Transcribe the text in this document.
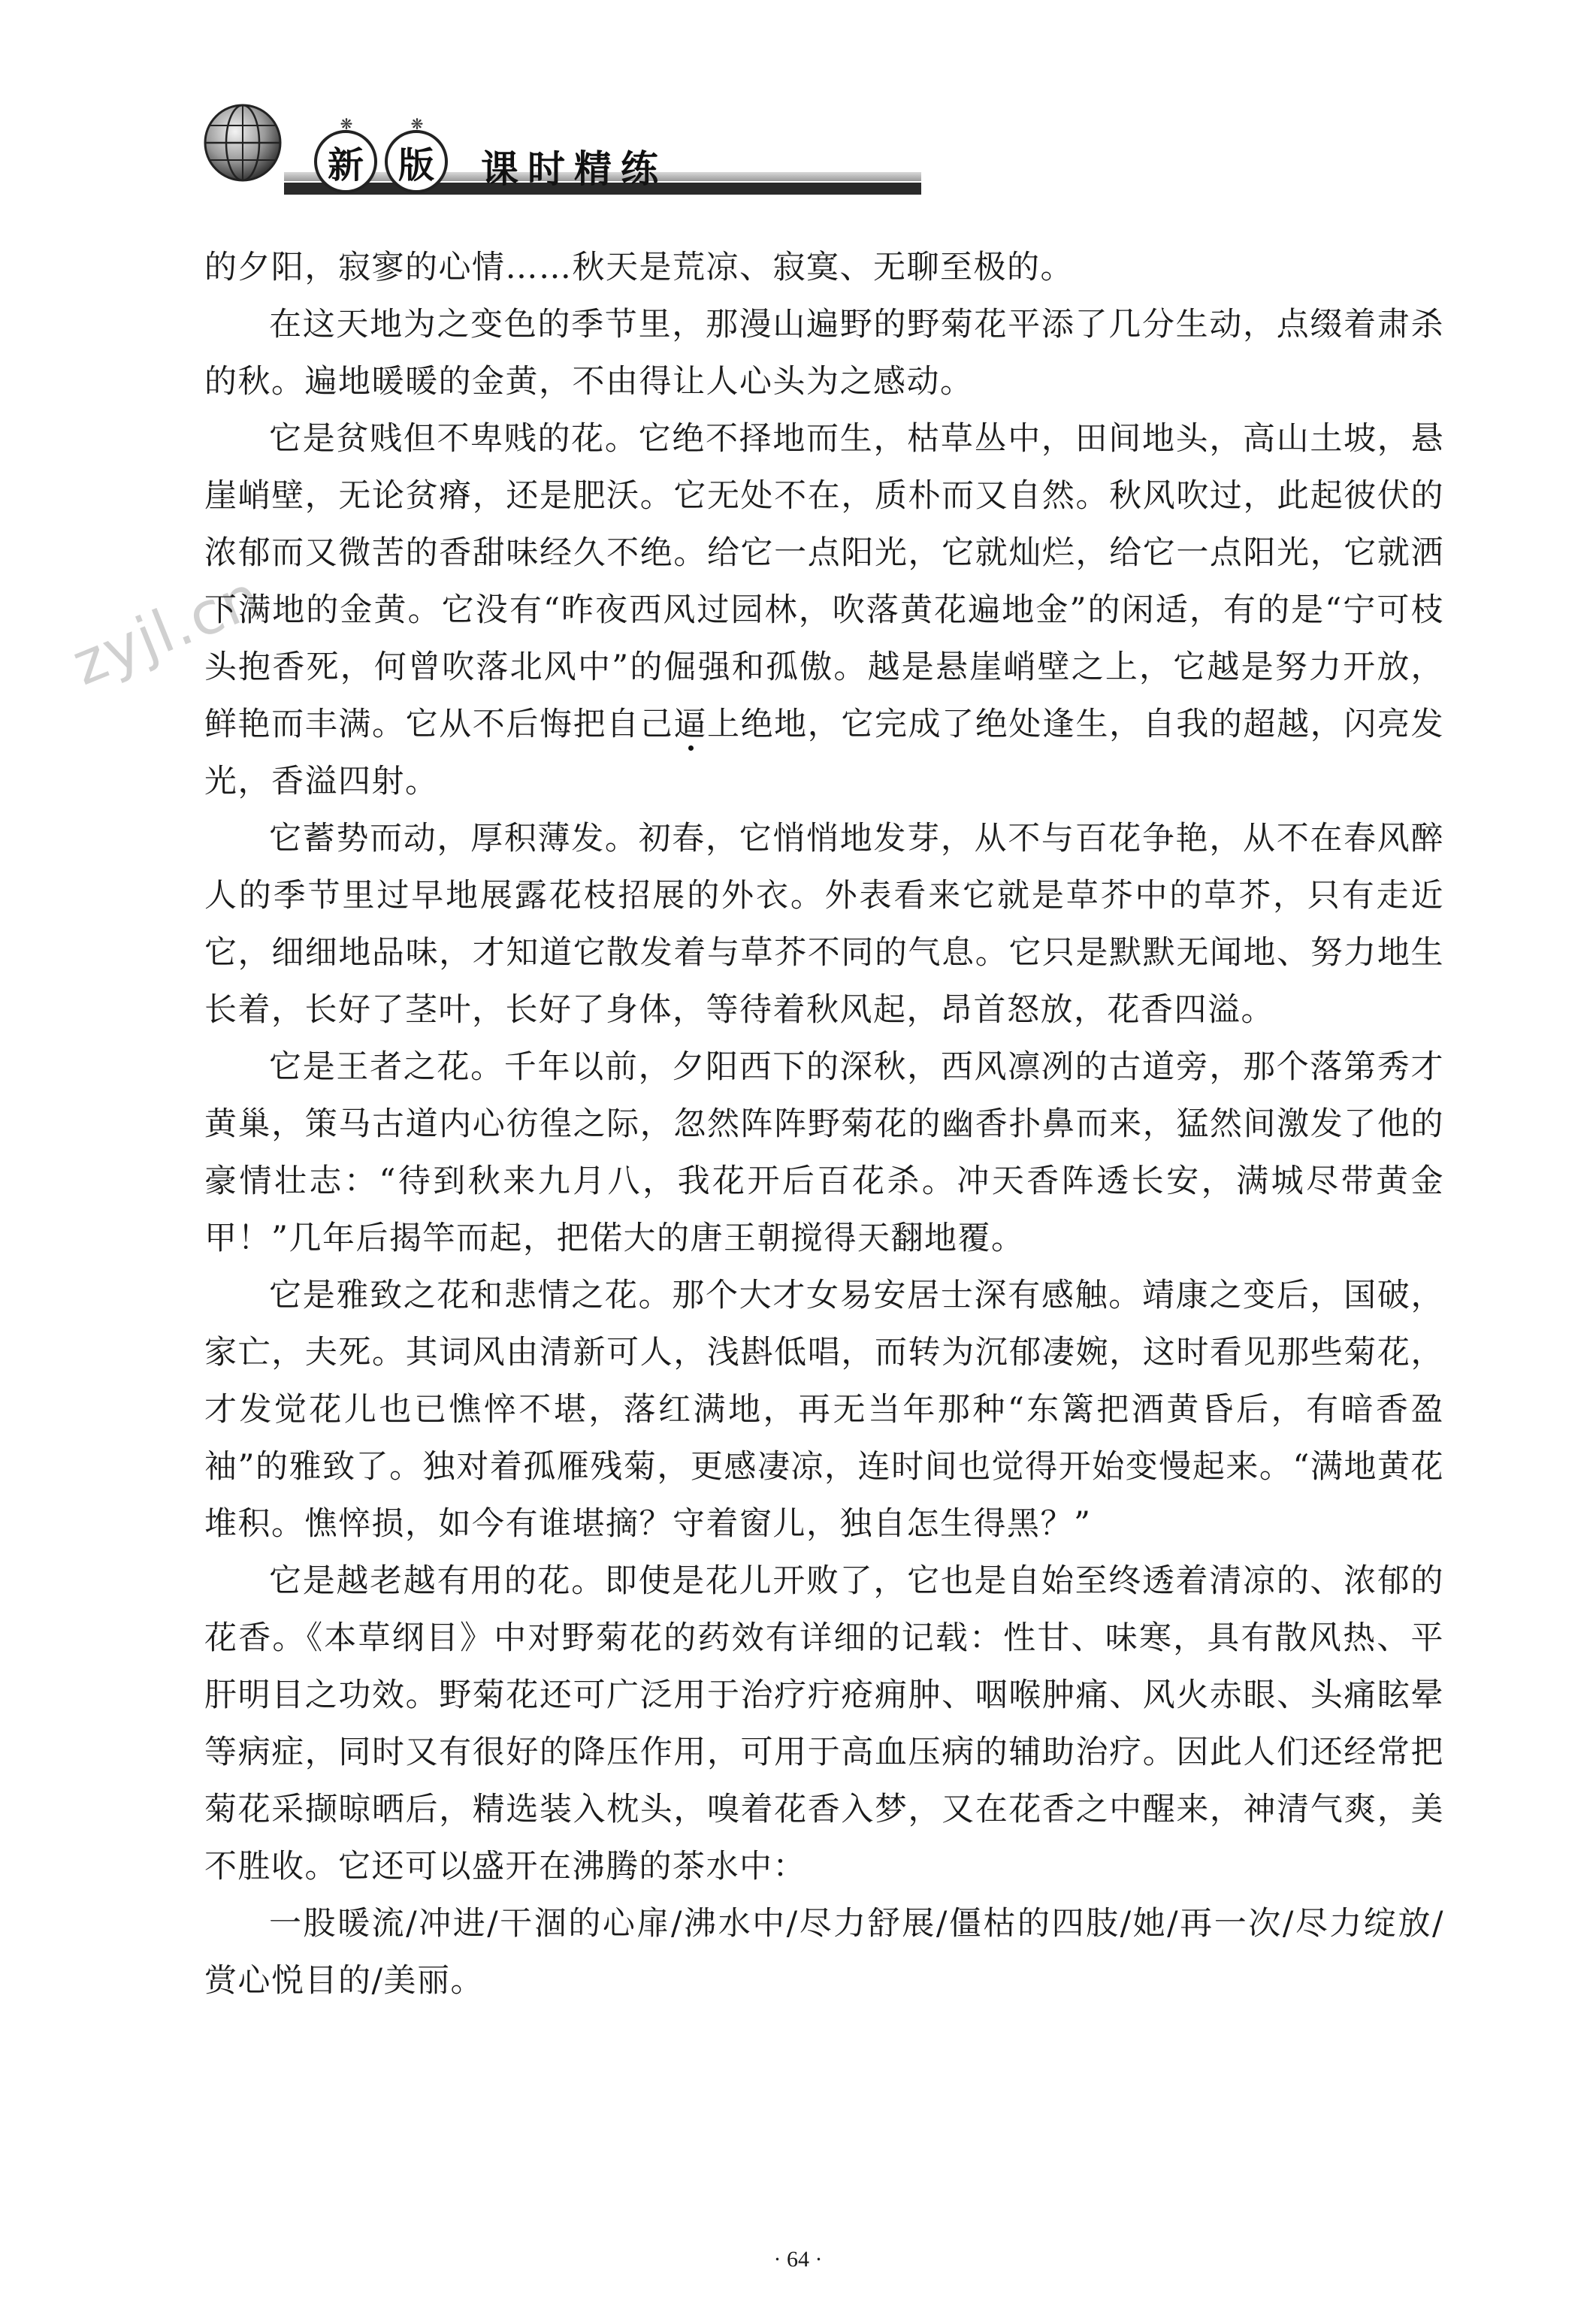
❋
新
❋
版 课时精练
zyjl.cn

的夕阳，寂寥的心情……秋天是荒凉、寂寞、无聊至极的。

在这天地为之变色的季节里，那漫山遍野的野菊花平添了几分生动，点缀着肃杀的秋。遍地暖暖的金黄，不由得让人心头为之感动。

它是贫贱但不卑贱的花。它绝不择地而生，枯草丛中，田间地头，高山土坡，悬崖峭壁，无论贫瘠，还是肥沃。它无处不在，质朴而又自然。秋风吹过，此起彼伏的浓郁而又微苦的香甜味经久不绝。给它一点阳光，它就灿烂，给它一点阳光，它就洒下满地的金黄。它没有“昨夜西风过园林，吹落黄花遍地金”的闲适，有的是“宁可枝头抱香死，何曾吹落北风中”的倔强和孤傲。越是悬崖峭壁之上，它越是努力开放，鲜艳而丰满。它从不后悔把自己逼上绝地，它完成了绝处逢生，自我的超越，闪亮发光，香溢四射。

它蓄势而动，厚积薄发。初春，它悄悄地发芽，从不与百花争艳，从不在春风醉人的季节里过早地展露花枝招展的外衣。外表看来它就是草芥中的草芥，只有走近它，细细地品味，才知道它散发着与草芥不同的气息。它只是默默无闻地、努力地生长着，长好了茎叶，长好了身体，等待着秋风起，昂首怒放，花香四溢。

它是王者之花。千年以前，夕阳西下的深秋，西风凛冽的古道旁，那个落第秀才黄巢，策马古道内心彷徨之际，忽然阵阵野菊花的幽香扑鼻而来，猛然间激发了他的豪情壮志：“待到秋来九月八，我花开后百花杀。冲天香阵透长安，满城尽带黄金甲！”几年后揭竿而起，把偌大的唐王朝搅得天翻地覆。

它是雅致之花和悲情之花。那个大才女易安居士深有感触。靖康之变后，国破，家亡，夫死。其词风由清新可人，浅斟低唱，而转为沉郁凄婉，这时看见那些菊花，才发觉花儿也已憔悴不堪，落红满地，再无当年那种“东篱把酒黄昏后，有暗香盈袖”的雅致了。独对着孤雁残菊，更感凄凉，连时间也觉得开始变慢起来。“满地黄花堆积。憔悴损，如今有谁堪摘？守着窗儿，独自怎生得黑？”

它是越老越有用的花。即使是花儿开败了，它也是自始至终透着清凉的、浓郁的花香。《本草纲目》中对野菊花的药效有详细的记载：性甘、味寒，具有散风热、平肝明目之功效。野菊花还可广泛用于治疗疔疮痈肿、咽喉肿痛、风火赤眼、头痛眩晕等病症，同时又有很好的降压作用，可用于高血压病的辅助治疗。因此人们还经常把菊花采撷晾晒后，精选装入枕头，嗅着花香入梦，又在花香之中醒来，神清气爽，美不胜收。它还可以盛开在沸腾的茶水中：

一股暖流/冲进/干涸的心扉/沸水中/尽力舒展/僵枯的四肢/她/再一次/尽力绽放/赏心悦目的/美丽。

· 64 ·
